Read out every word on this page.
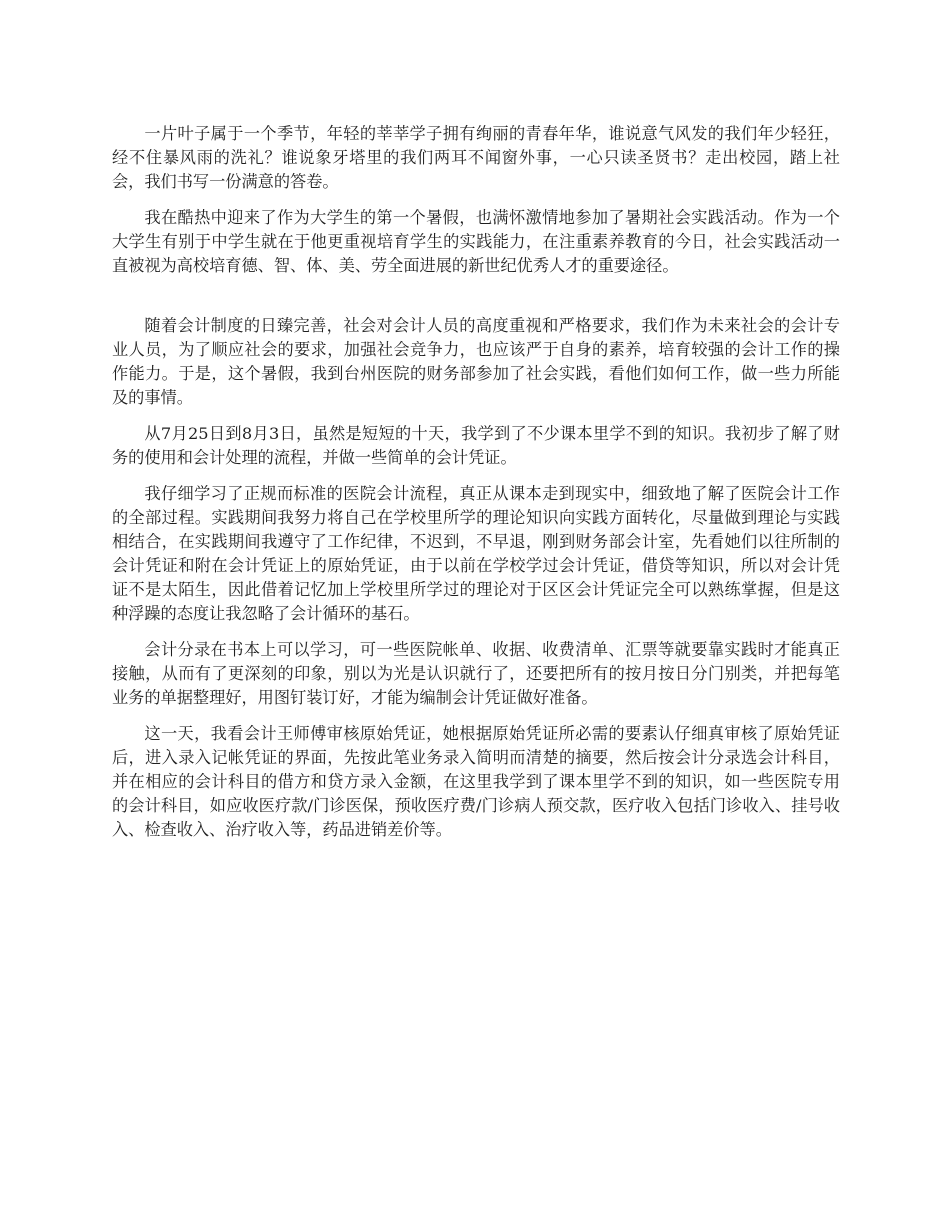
一片叶子属于一个季节，年轻的莘莘学子拥有绚丽的青春年华，谁说意气风发的我们年少轻狂，经不住暴风雨的洗礼？谁说象牙塔里的我们两耳不闻窗外事，一心只读圣贤书？走出校园，踏上社会，我们书写一份满意的答卷。

我在酷热中迎来了作为大学生的第一个暑假，也满怀激情地参加了暑期社会实践活动。作为一个大学生有别于中学生就在于他更重视培育学生的实践能力，在注重素养教育的今日，社会实践活动一直被视为高校培育德、智、体、美、劳全面进展的新世纪优秀人才的重要途径。

随着会计制度的日臻完善，社会对会计人员的高度重视和严格要求，我们作为未来社会的会计专业人员，为了顺应社会的要求，加强社会竞争力，也应该严于自身的素养，培育较强的会计工作的操作能力。于是，这个暑假，我到台州医院的财务部参加了社会实践，看他们如何工作，做一些力所能及的事情。

从7月25日到8月3日，虽然是短短的十天，我学到了不少课本里学不到的知识。我初步了解了财务的使用和会计处理的流程，并做一些简单的会计凭证。

我仔细学习了正规而标准的医院会计流程，真正从课本走到现实中，细致地了解了医院会计工作的全部过程。实践期间我努力将自己在学校里所学的理论知识向实践方面转化，尽量做到理论与实践相结合，在实践期间我遵守了工作纪律，不迟到，不早退，刚到财务部会计室，先看她们以往所制的会计凭证和附在会计凭证上的原始凭证，由于以前在学校学过会计凭证，借贷等知识，所以对会计凭证不是太陌生，因此借着记忆加上学校里所学过的理论对于区区会计凭证完全可以熟练掌握，但是这种浮躁的态度让我忽略了会计循环的基石。

会计分录在书本上可以学习，可一些医院帐单、收据、收费清单、汇票等就要靠实践时才能真正接触，从而有了更深刻的印象，别以为光是认识就行了，还要把所有的按月按日分门别类，并把每笔业务的单据整理好，用图钉装订好，才能为编制会计凭证做好准备。

这一天，我看会计王师傅审核原始凭证，她根据原始凭证所必需的要素认仔细真审核了原始凭证后，进入录入记帐凭证的界面，先按此笔业务录入简明而清楚的摘要，然后按会计分录选会计科目，并在相应的会计科目的借方和贷方录入金额，在这里我学到了课本里学不到的知识，如一些医院专用的会计科目，如应收医疗款/门诊医保，预收医疗费/门诊病人预交款，医疗收入包括门诊收入、挂号收入、检查收入、治疗收入等，药品进销差价等。
